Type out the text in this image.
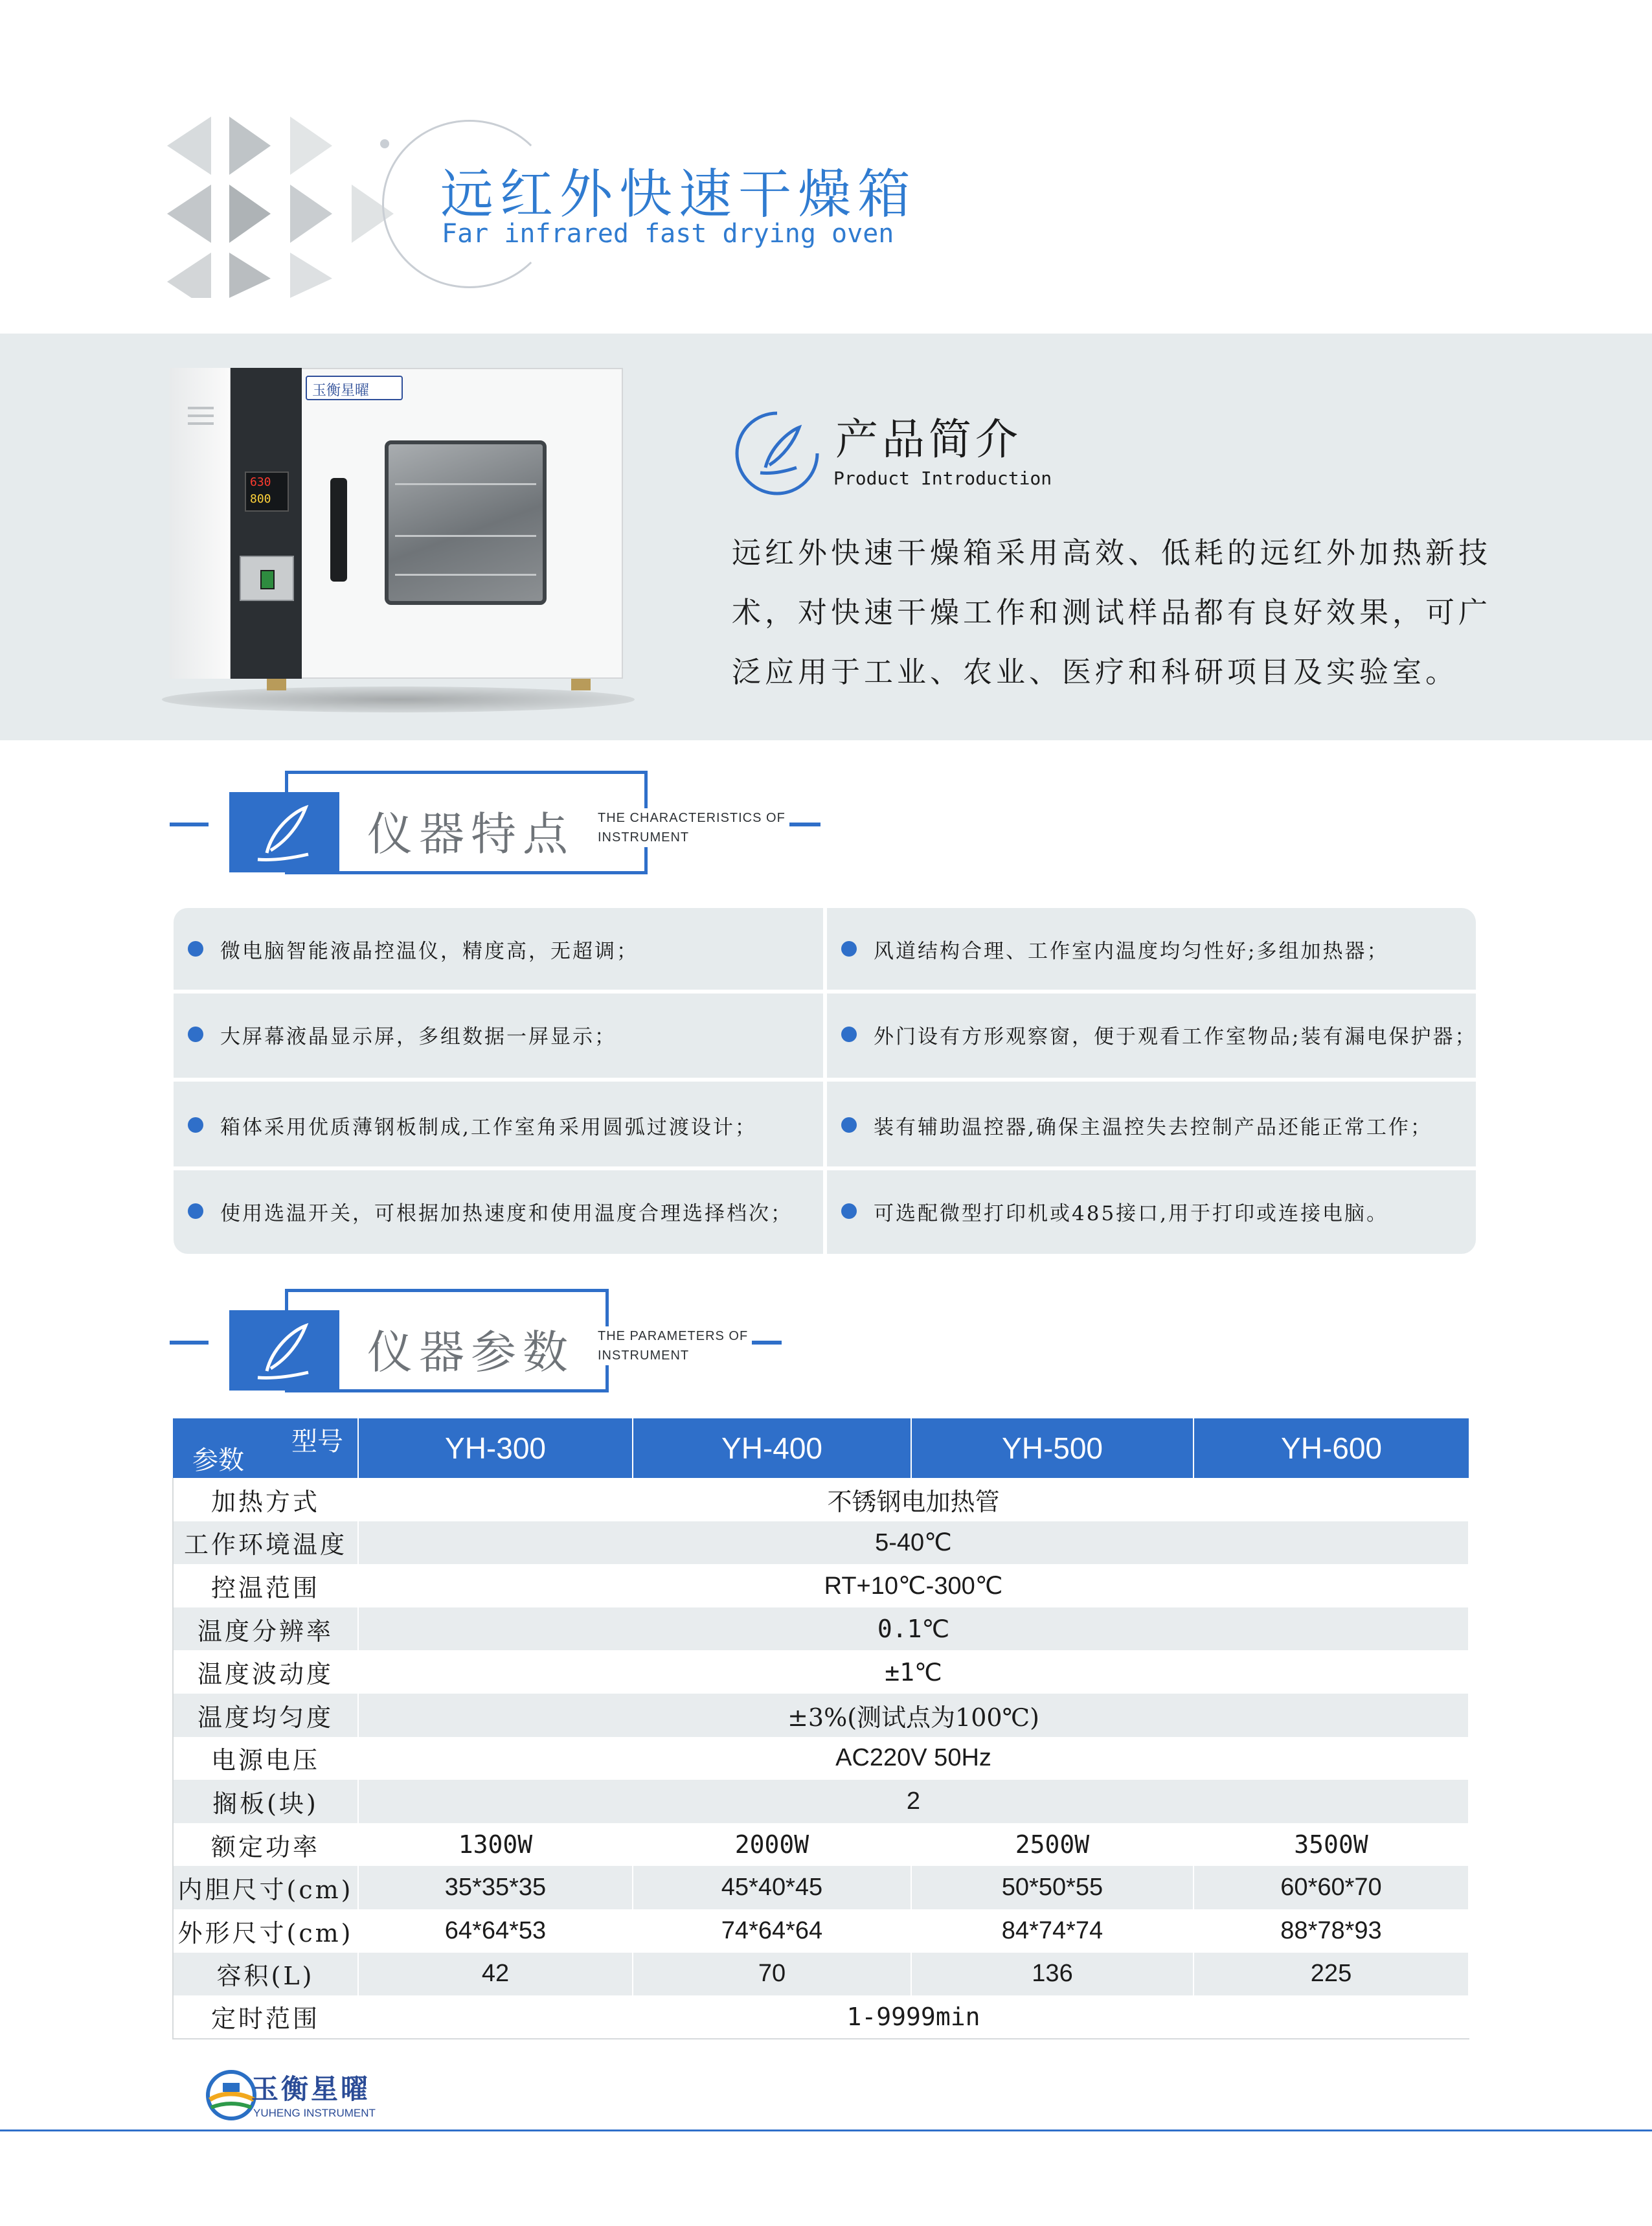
远红外快速干燥箱
Far infrared fast drying oven
630
800
玉衡星曜
产品简介
Product Introduction
远红外快速干燥箱采用高效、低耗的远红外加热新技
术，对快速干燥工作和测试样品都有良好效果，可广
泛应用于工业、农业、医疗和科研项目及实验室。
仪器特点	THE CHARACTERISTICS OF
INSTRUMENT
微电脑智能液晶控温仪，精度高，无超调；	风道结构合理、工作室内温度均匀性好;多组加热器；
大屏幕液晶显示屏，多组数据一屏显示；	外门设有方形观察窗，便于观看工作室物品;装有漏电保护器；
箱体采用优质薄钢板制成,工作室角采用圆弧过渡设计；	装有辅助温控器,确保主温控失去控制产品还能正常工作；
使用选温开关，可根据加热速度和使用温度合理选择档次；	可选配微型打印机或485接口,用于打印或连接电脑。
仪器参数	THE PARAMETERS OF
INSTRUMENT
型号
参数	YH-300	YH-400	YH-500	YH-600
加热方式	不锈钢电加热管			
工作环境温度	5-40℃			
控温范围	RT+10℃-300℃			
温度分辨率	0.1℃			
温度波动度	±1℃			
温度均匀度	±3%(测试点为100℃)			
电源电压	AC220V 50Hz			
搁板(块)	2			
额定功率	1300W	2000W	2500W	3500W
内胆尺寸(cm)	35*35*35	45*40*45	50*50*55	60*60*70
外形尺寸(cm)	64*64*53	74*64*64	84*74*74	88*78*93
容积(L)	42	70	136	225
定时范围	1-9999min			
玉衡星曜
YUHENG INSTRUMENT
